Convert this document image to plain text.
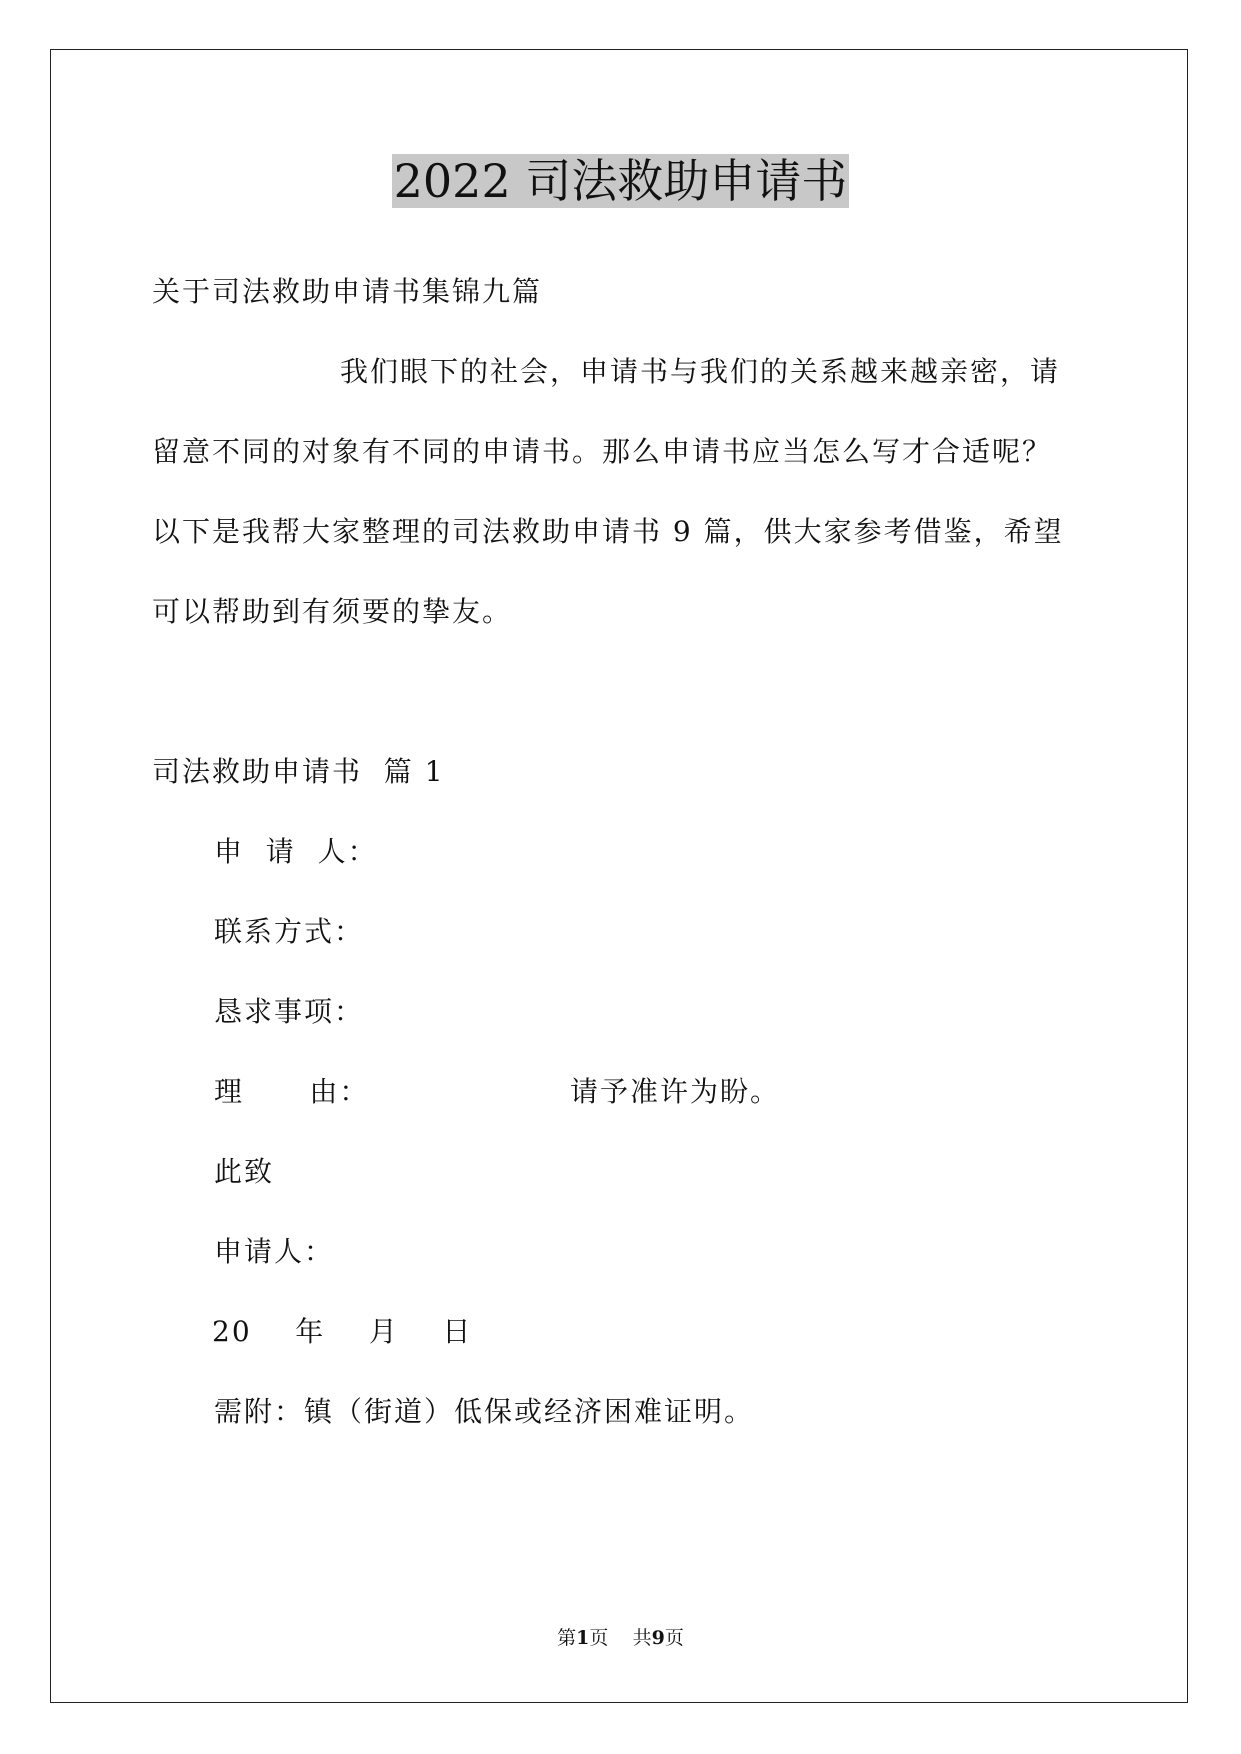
2022 司法救助申请书
关于司法救助申请书集锦九篇
我们眼下的社会，申请书与我们的关系越来越亲密，请
留意不同的对象有不同的申请书。那么申请书应当怎么写才合适呢？
以下是我帮大家整理的司法救助申请书 9 篇，供大家参考借鉴，希望
可以帮助到有须要的挚友。
司法救助申请书  篇 1
申  请  人：
联系方式：
恳求事项：
理      由：	请予准许为盼。
此致
申请人：
20    年    月    日
需附：镇（街道）低保或经济困难证明。
第1页    共9页
